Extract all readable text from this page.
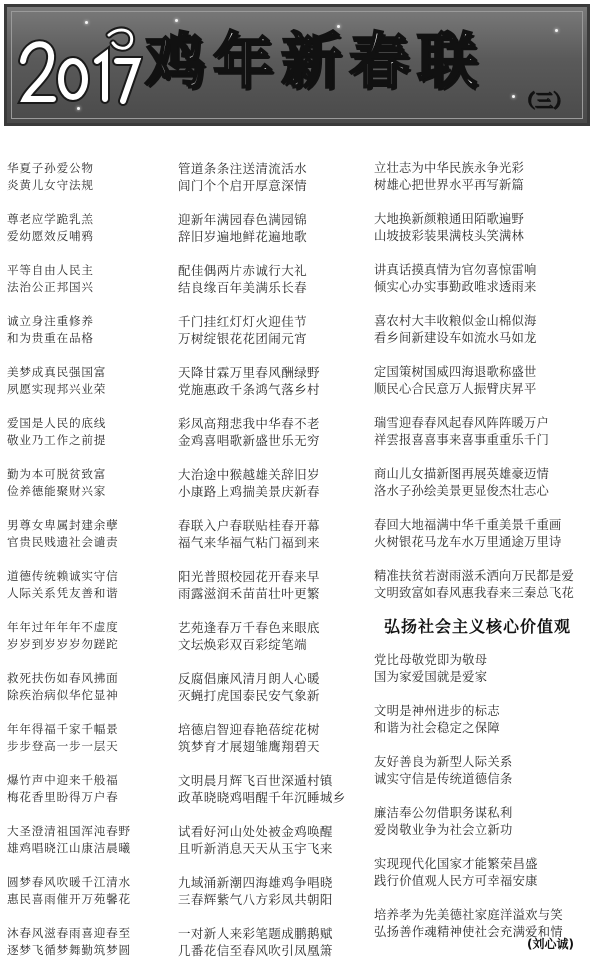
2017
鸡年新春联
（三）

华夏子孙爱公物

炎黄儿女守法规

尊老应学跪乳羔

爱幼愿效反哺鸦

平等自由人民主

法治公正邦国兴

诚立身注重修养

和为贵重在品格

美梦成真民强国富

夙愿实现邦兴业荣

爱国是人民的底线

敬业乃工作之前提

勤为本可脱贫致富

俭养德能聚财兴家

男尊女卑属封建余孽

官贵民贱遗社会谴责

道德传统赖诚实守信

人际关系凭友善和谐

年年过年年年不虚度

岁岁到岁岁岁勿蹉跎

救死扶伤如春风拂面

除疾治病似华佗显神

年年得福千家千幅景

步步登高一步一层天

爆竹声中迎来千般福

梅花香里盼得万户春

大圣澄清祖国浑沌春野

雄鸡唱晓江山康洁晨曦

圆梦春风吹暖千江清水

惠民喜雨催开万苑馨花

沐春风滋春雨喜迎春至

逐梦飞循梦舞勤筑梦圆

管道条条注送清流活水

闾门个个启开厚意深情

迎新年满园春色满园锦

辞旧岁遍地鲜花遍地歌

配佳偶两片赤诚行大礼

结良缘百年美满乐长春

千门挂红灯灯火迎佳节

万树绽银花花团闹元宵

天降甘霖万里春风酬绿野

党施惠政千条鸿气落乡村

彩凤高翔悲我中华春不老

金鸡喜唱歌新盛世乐无穷

大治途中猴越雄关辞旧岁

小康路上鸡揣美景庆新春

春联入户春联贴桂春开幕

福气来华福气粘门福到来

阳光普照校园花开春来早

雨露滋润禾苗苗壮叶更繁

艺苑逢春万千春色来眼底

文坛焕彩双百彩绽笔端

反腐倡廉风清月朗人心暖

灭蝇打虎国泰民安气象新

培德启智迎春艳蓓绽花树

筑梦育才展翅雏鹰翔碧天

文明晨月辉飞百世深遁村镇

政革晓晓鸡唱醒千年沉睡城乡

试看好河山处处被金鸡唤醒

且听新消息天天从玉宇飞来

九域涌新潮四海雄鸡争唱晓

三春辉紫气八方彩凤共朝阳

一对新人来彩笔题成鹏鹅赋

几番花信至春风吹引凤凰箫

立壮志为中华民族永争光彩

树雄心把世界水平再写新篇

大地换新颜粮通田陌歌遍野

山坡披彩装果满枝头笑满林

讲真话摸真情为官勿喜惊雷响

倾实心办实事勤政唯求透雨来

喜农村大丰收粮似金山棉似海

看乡间新建设车如流水马如龙

定国策树国威四海退歌称盛世

顺民心合民意万人振臂庆昇平

瑞雪迎春春风起春风阵阵暖万户

祥雲报喜喜事来喜事重重乐千门

商山儿女描新图再展英雄豪迈情

洛水子孙绘美景更显俊杰壮志心

春回大地福满中华千重美景千重画

火树银花马龙车水万里通途万里诗

精准扶贫若澍雨滋禾洒向万民都是爱

文明致富如春风惠我春来三秦总飞花

弘扬社会主义核心价值观

党比母敬党即为敬母

国为家爱国就是爱家

文明是神州进步的标志

和谐为社会稳定之保障

友好善良为新型人际关系

诚实守信是传统道德信条

廉洁奉公勿借职务谋私利

爱岗敬业争为社会立新功

实现现代化国家才能繁荣昌盛

践行价值观人民方可幸福安康

培养孝为先美德社家庭洋溢欢与笑

弘扬善作魂精神使社会充满爱和情

(刘心诚)
